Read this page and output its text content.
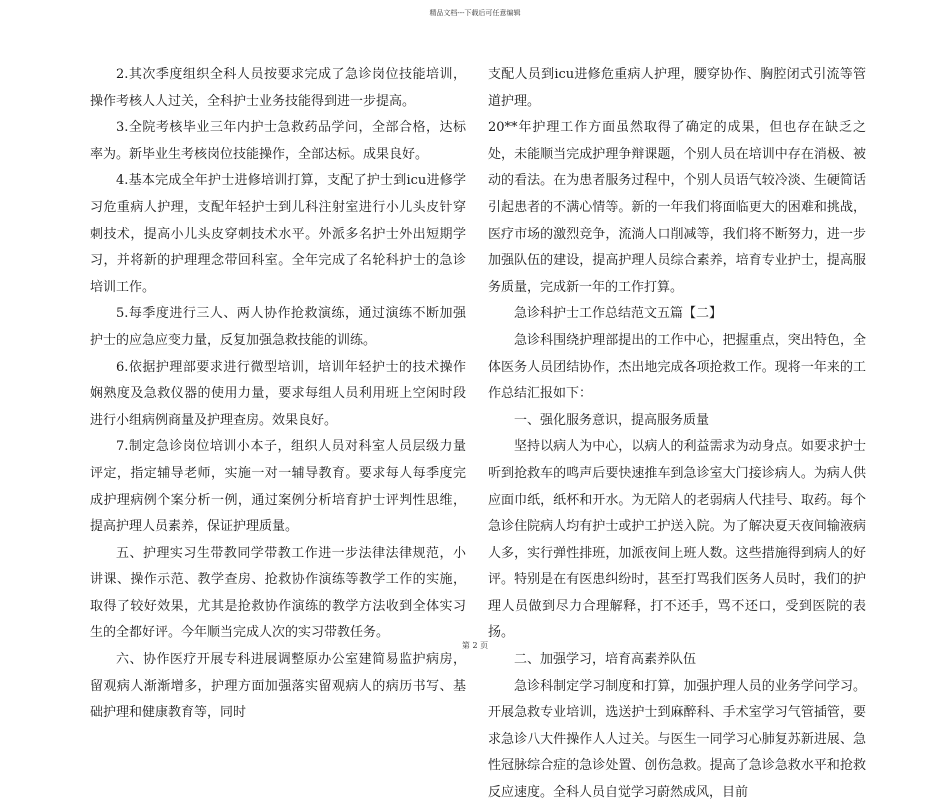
精品文档---下载后可任意编辑

2.其次季度组织全科人员按要求完成了急诊岗位技能培训，操作考核人人过关，全科护士业务技能得到进一步提高。

3.全院考核毕业三年内护士急救药品学问，全部合格，达标率为。新毕业生考核岗位技能操作，全部达标。成果良好。

4.基本完成全年护士进修培训打算，支配了护士到icu进修学习危重病人护理，支配年轻护士到儿科注射室进行小儿头皮针穿刺技术，提高小儿头皮穿刺技术水平。外派多名护士外出短期学习，并将新的护理理念带回科室。全年完成了名轮科护士的急诊培训工作。

5.每季度进行三人、两人协作抢救演练，通过演练不断加强护士的应急应变力量，反复加强急救技能的训练。

6.依据护理部要求进行微型培训，培训年轻护士的技术操作娴熟度及急救仪器的使用力量，要求每组人员利用班上空闲时段进行小组病例商量及护理查房。效果良好。

7.制定急诊岗位培训小本子，组织人员对科室人员层级力量评定，指定辅导老师，实施一对一辅导教育。要求每人每季度完成护理病例个案分析一例，通过案例分析培育护士评判性思维，提高护理人员素养，保证护理质量。

五、护理实习生带教同学带教工作进一步法律法律规范，小讲课、操作示范、教学查房、抢救协作演练等教学工作的实施，取得了较好效果，尤其是抢救协作演练的教学方法收到全体实习生的全都好评。今年顺当完成人次的实习带教任务。

六、协作医疗开展专科进展调整原办公室建简易监护病房，留观病人渐渐增多，护理方面加强落实留观病人的病历书写、基础护理和健康教育等，同时

支配人员到icu进修危重病人护理，腰穿协作、胸腔闭式引流等管道护理。

20**年护理工作方面虽然取得了确定的成果，但也存在缺乏之处，未能顺当完成护理争辩课题，个别人员在培训中存在消极、被动的看法。在为患者服务过程中，个别人员语气较冷淡、生硬简话引起患者的不满心情等。新的一年我们将面临更大的困难和挑战，医疗市场的激烈竞争，流淌人口削减等，我们将不断努力，进一步加强队伍的建设，提高护理人员综合素养，培育专业护士，提高服务质量，完成新一年的工作打算。

急诊科护士工作总结范文五篇【二】

急诊科围绕护理部提出的工作中心，把握重点，突出特色，全体医务人员团结协作，杰出地完成各项抢救工作。现将一年来的工作总结汇报如下：

一、强化服务意识，提高服务质量

坚持以病人为中心，以病人的利益需求为动身点。如要求护士听到抢救车的鸣声后要快速推车到急诊室大门接诊病人。为病人供应面巾纸，纸杯和开水。为无陪人的老弱病人代挂号、取药。每个急诊住院病人均有护士或护工护送入院。为了解决夏天夜间输液病人多，实行弹性排班，加派夜间上班人数。这些措施得到病人的好评。特别是在有医患纠纷时，甚至打骂我们医务人员时，我们的护理人员做到尽力合理解释，打不还手，骂不还口，受到医院的表扬。

二、加强学习，培育高素养队伍

急诊科制定学习制度和打算，加强护理人员的业务学问学习。开展急救专业培训，选送护士到麻醉科、手术室学习气管插管，要求急诊八大件操作人人过关。与医生一同学习心肺复苏新进展、急性冠脉综合症的急诊处置、创伤急救。提高了急诊急救水平和抢救反应速度。全科人员自觉学习蔚然成风，目前

第 2 页
